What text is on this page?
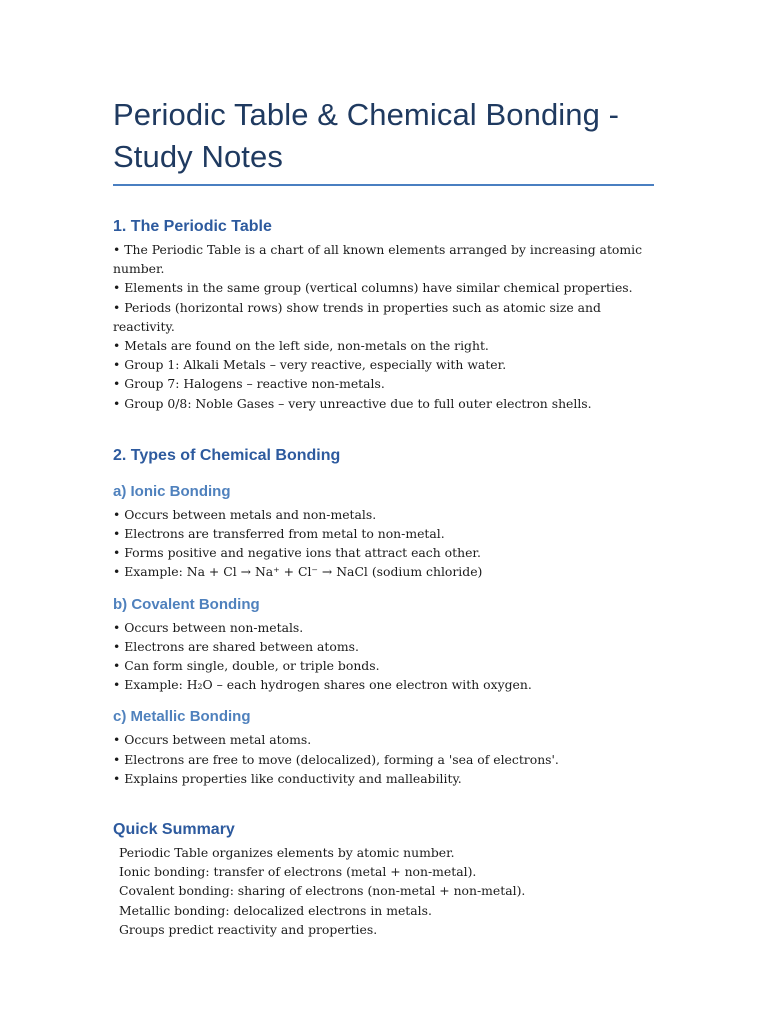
Periodic Table & Chemical Bonding - Study Notes
1. The Periodic Table
• The Periodic Table is a chart of all known elements arranged by increasing atomic number.
• Elements in the same group (vertical columns) have similar chemical properties.
• Periods (horizontal rows) show trends in properties such as atomic size and reactivity.
• Metals are found on the left side, non-metals on the right.
• Group 1: Alkali Metals – very reactive, especially with water.
• Group 7: Halogens – reactive non-metals.
• Group 0/8: Noble Gases – very unreactive due to full outer electron shells.
2. Types of Chemical Bonding
a) Ionic Bonding
• Occurs between metals and non-metals.
• Electrons are transferred from metal to non-metal.
• Forms positive and negative ions that attract each other.
• Example: Na + Cl → Na⁺ + Cl⁻ → NaCl (sodium chloride)
b) Covalent Bonding
• Occurs between non-metals.
• Electrons are shared between atoms.
• Can form single, double, or triple bonds.
• Example: H₂O – each hydrogen shares one electron with oxygen.
c) Metallic Bonding
• Occurs between metal atoms.
• Electrons are free to move (delocalized), forming a 'sea of electrons'.
• Explains properties like conductivity and malleability.
Quick Summary
Periodic Table organizes elements by atomic number.
Ionic bonding: transfer of electrons (metal + non-metal).
Covalent bonding: sharing of electrons (non-metal + non-metal).
Metallic bonding: delocalized electrons in metals.
Groups predict reactivity and properties.
